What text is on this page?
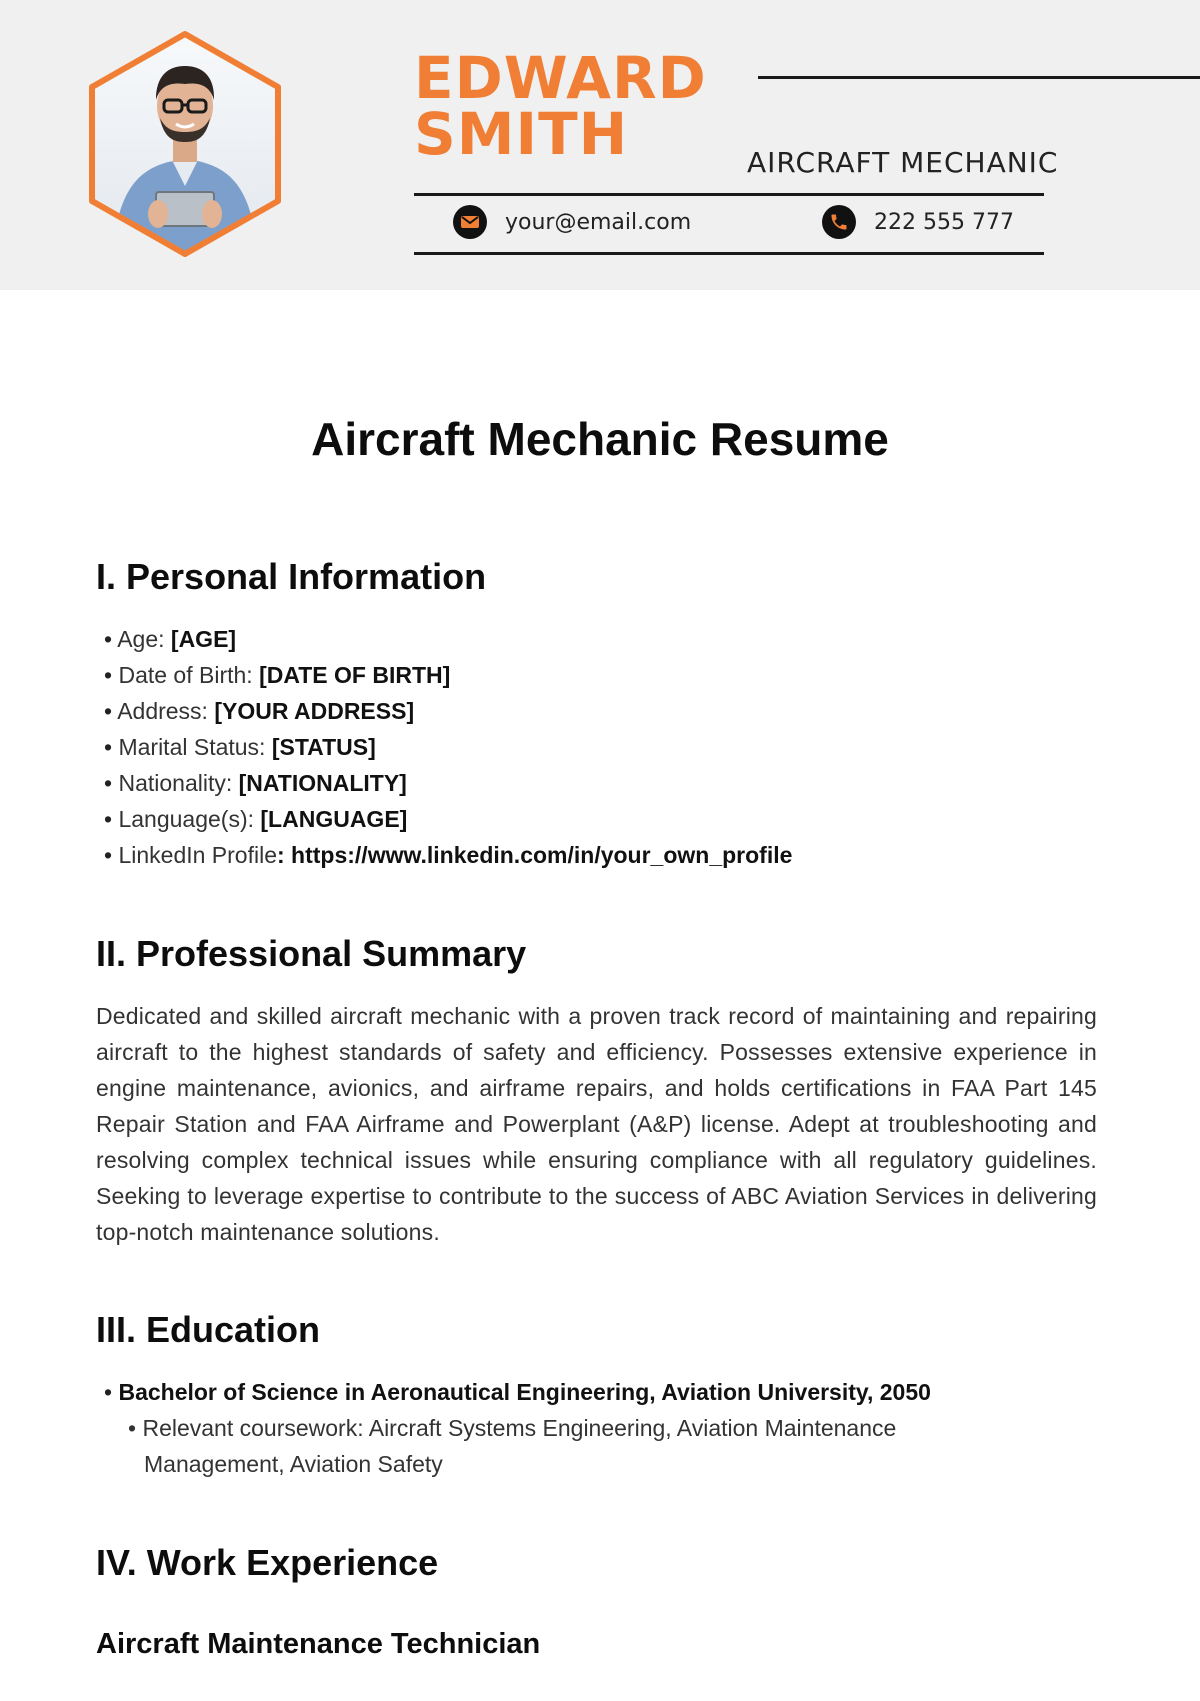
EDWARD
SMITH	AIRCRAFT MECHANIC
your@email.com	222 555 777
Aircraft Mechanic Resume
I. Personal Information
• Age: [AGE]
• Date of Birth: [DATE OF BIRTH]
• Address: [YOUR ADDRESS]
• Marital Status: [STATUS]
• Nationality: [NATIONALITY]
• Language(s): [LANGUAGE]
• LinkedIn Profile: https://www.linkedin.com/in/your_own_profile
II. Professional Summary

Dedicated and skilled aircraft mechanic with a proven track record of maintaining and repairing aircraft to the highest standards of safety and efficiency. Possesses extensive experience in engine maintenance, avionics, and airframe repairs, and holds certifications in FAA Part 145 Repair Station and FAA Airframe and Powerplant (A&P) license. Adept at troubleshooting and resolving complex technical issues while ensuring compliance with all regulatory guidelines. Seeking to leverage expertise to contribute to the success of ABC Aviation Services in delivering top-notch maintenance solutions.

III. Education
• Bachelor of Science in Aeronautical Engineering, Aviation University, 2050

• Relevant coursework: Aircraft Systems Engineering, Aviation Maintenance Management, Aviation Safety

IV. Work Experience
Aircraft Maintenance Technician
